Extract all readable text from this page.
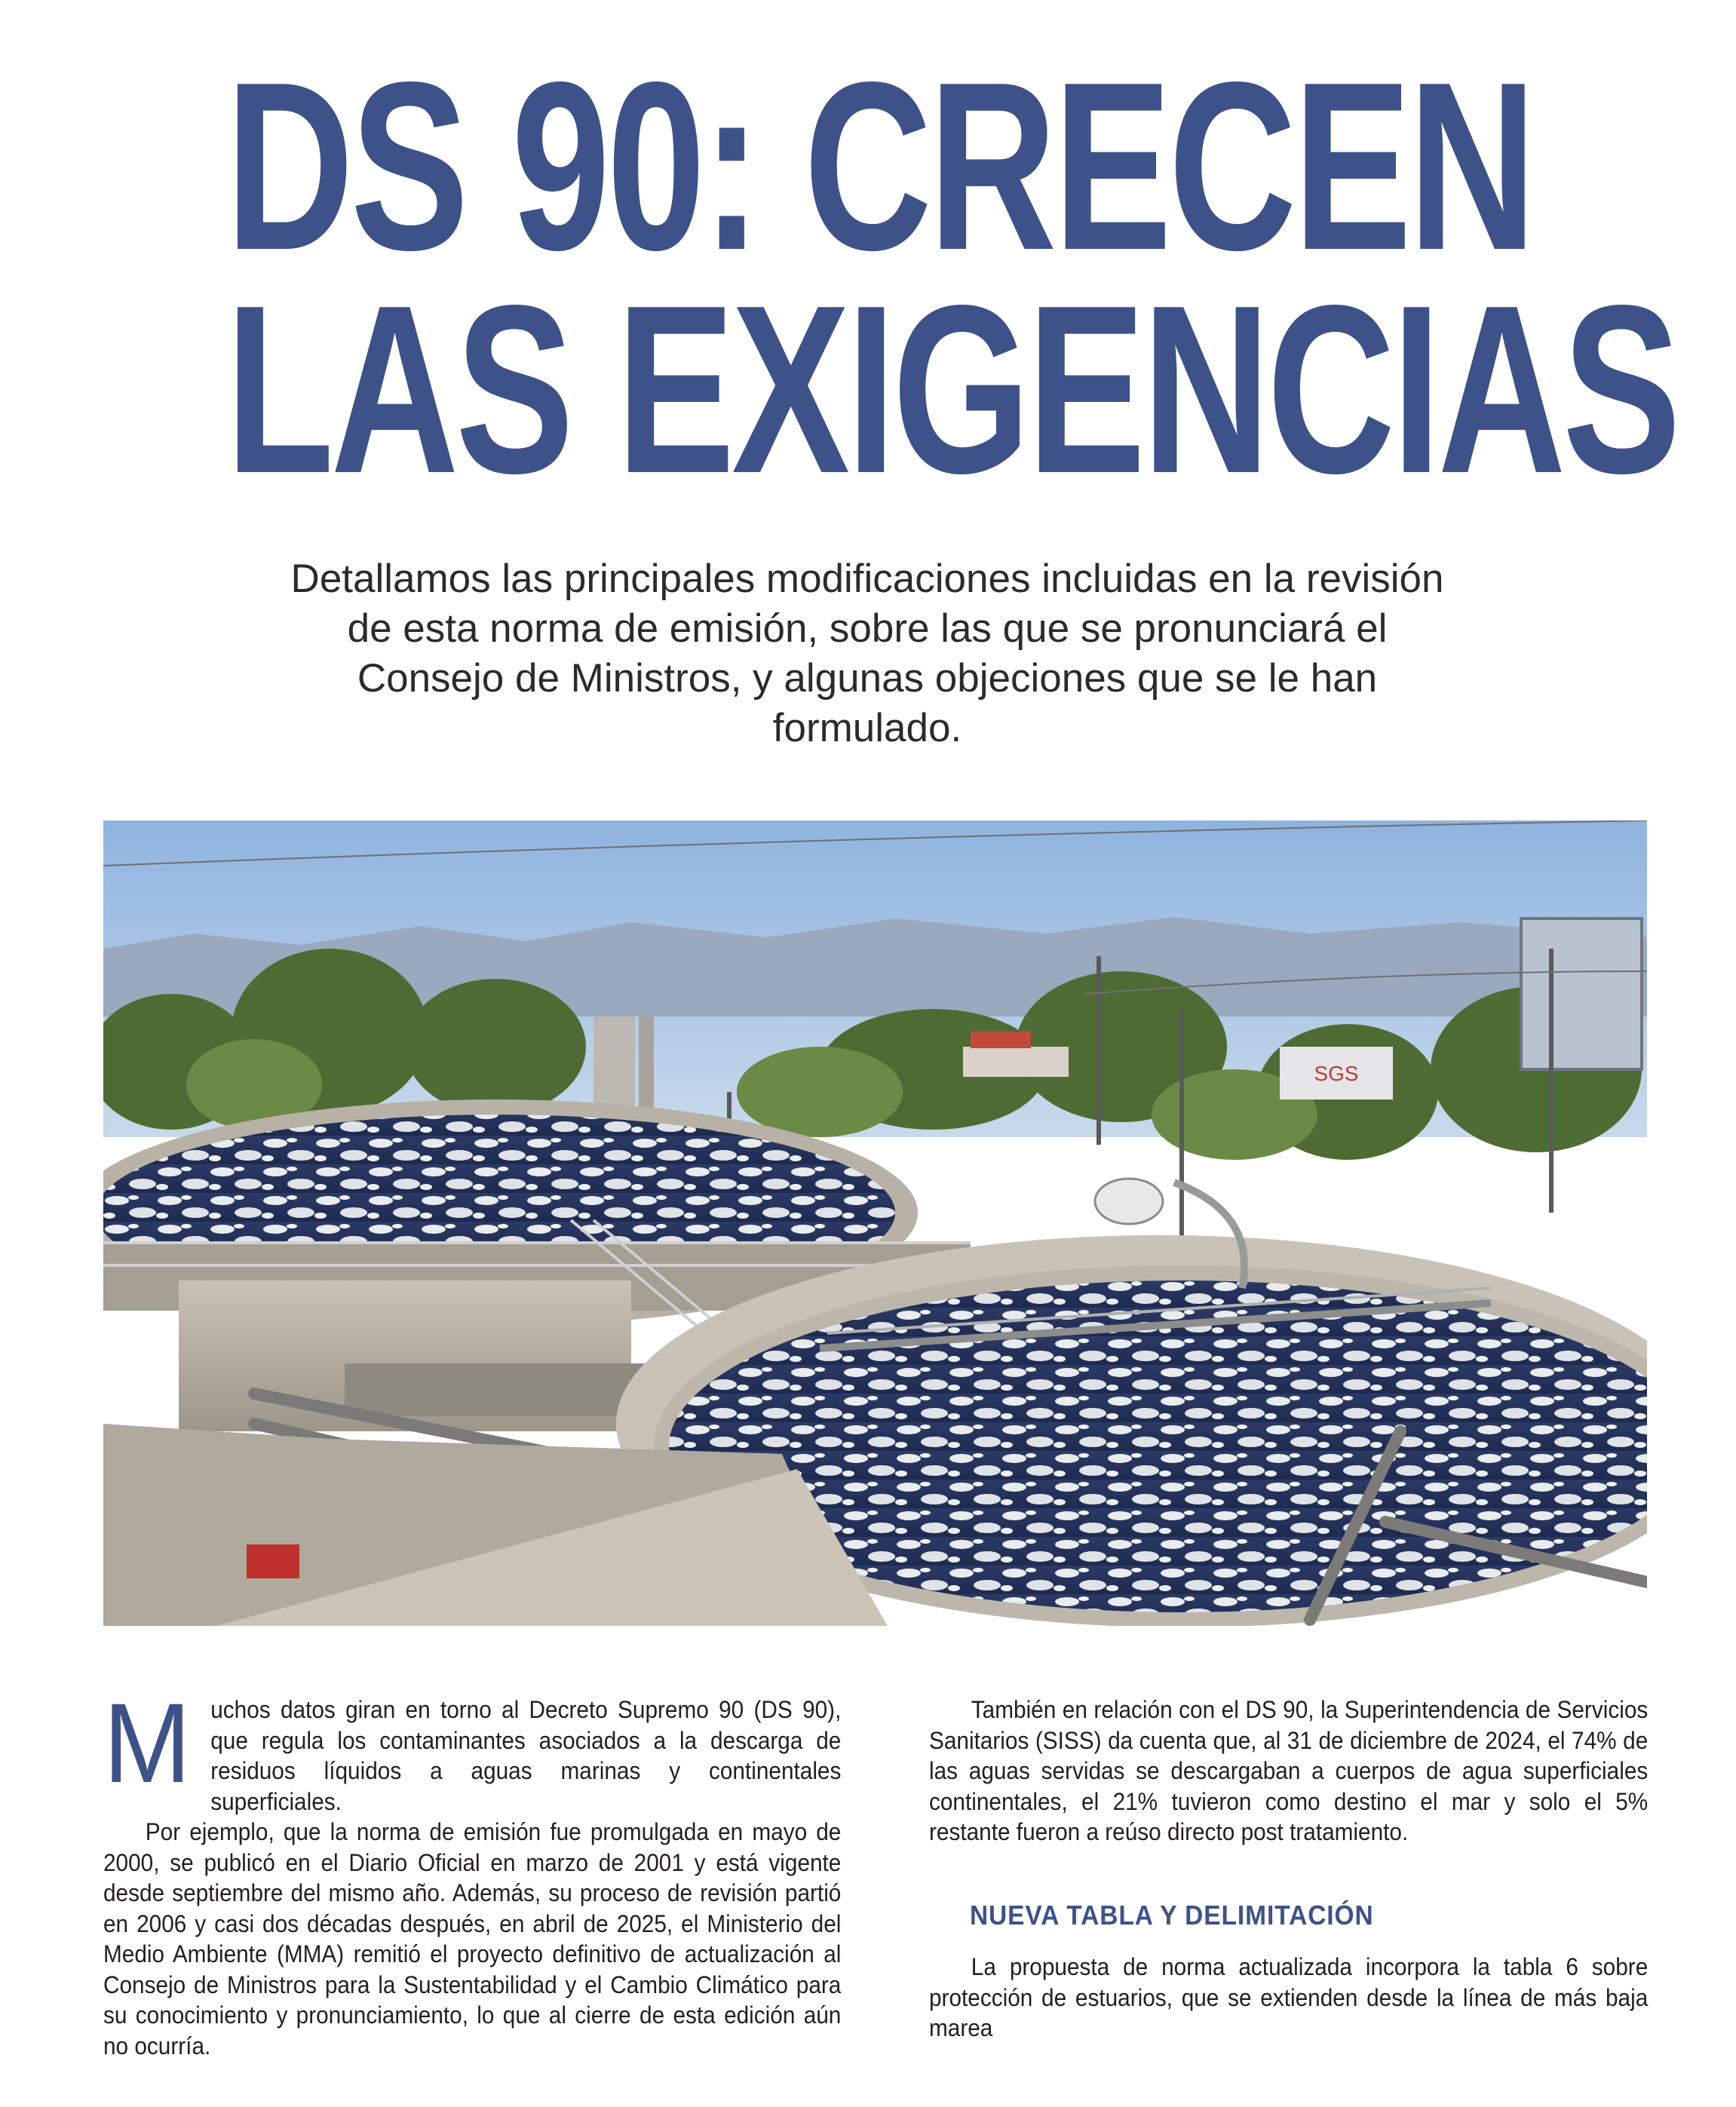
DS 90: CRECEN
LAS EXIGENCIAS

Detallamos las principales modificaciones incluidas en la revisión de esta norma de emisión, sobre las que se pronunciará el Consejo de Ministros, y algunas objeciones que se le han formulado.

SGS
M uchos datos giran en torno al Decreto Supremo 90 (DS 90), que regula los contaminantes asociados a la descarga de residuos líquidos a aguas marinas y continentales superficiales.

Por ejemplo, que la norma de emisión fue promulgada en mayo de 2000, se publicó en el Diario Oficial en marzo de 2001 y está vigente desde septiembre del mismo año. Además, su proceso de revisión partió en 2006 y casi dos décadas después, en abril de 2025, el Ministerio del Medio Ambiente (MMA) remitió el proyecto definitivo de actualización al Consejo de Ministros para la Sustentabilidad y el Cambio Climático para su conocimiento y pronunciamiento, lo que al cierre de esta edición aún no ocurría.

También en relación con el DS 90, la Superintendencia de Servicios Sanitarios (SISS) da cuenta que, al 31 de diciembre de 2024, el 74% de las aguas servidas se descargaban a cuerpos de agua superficiales continentales, el 21% tuvieron como destino el mar y solo el 5% restante fueron a reúso directo post tratamiento.

NUEVA TABLA Y DELIMITACIÓN

La propuesta de norma actualizada incorpora la tabla 6 sobre protección de estuarios, que se extienden desde la línea de más baja marea
